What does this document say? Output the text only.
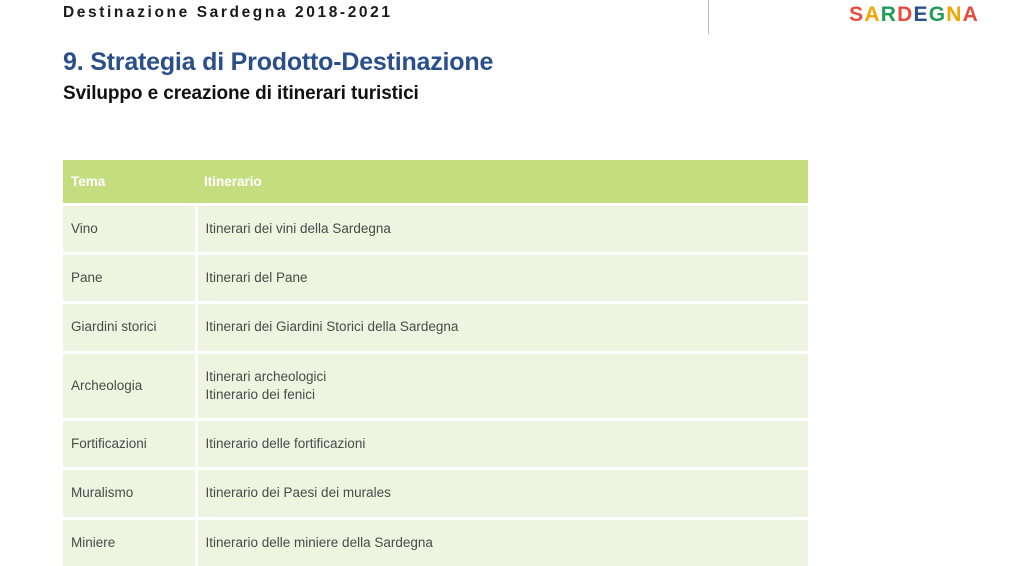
Destinazione Sardegna 2018-2021	SARDEGNA
9. Strategia di Prodotto-Destinazione
Sviluppo e creazione di itinerari turistici
Tema	Itinerario
Vino	Itinerari dei vini della Sardegna

Pane	Itinerari del Pane

Giardini storici	Itinerari dei Giardini Storici della Sardegna

Archeologia	Itinerari archeologici
Itinerario dei fenici

Fortificazioni	Itinerario delle fortificazioni

Muralismo	Itinerario dei Paesi dei murales

Miniere	Itinerario delle miniere della Sardegna
